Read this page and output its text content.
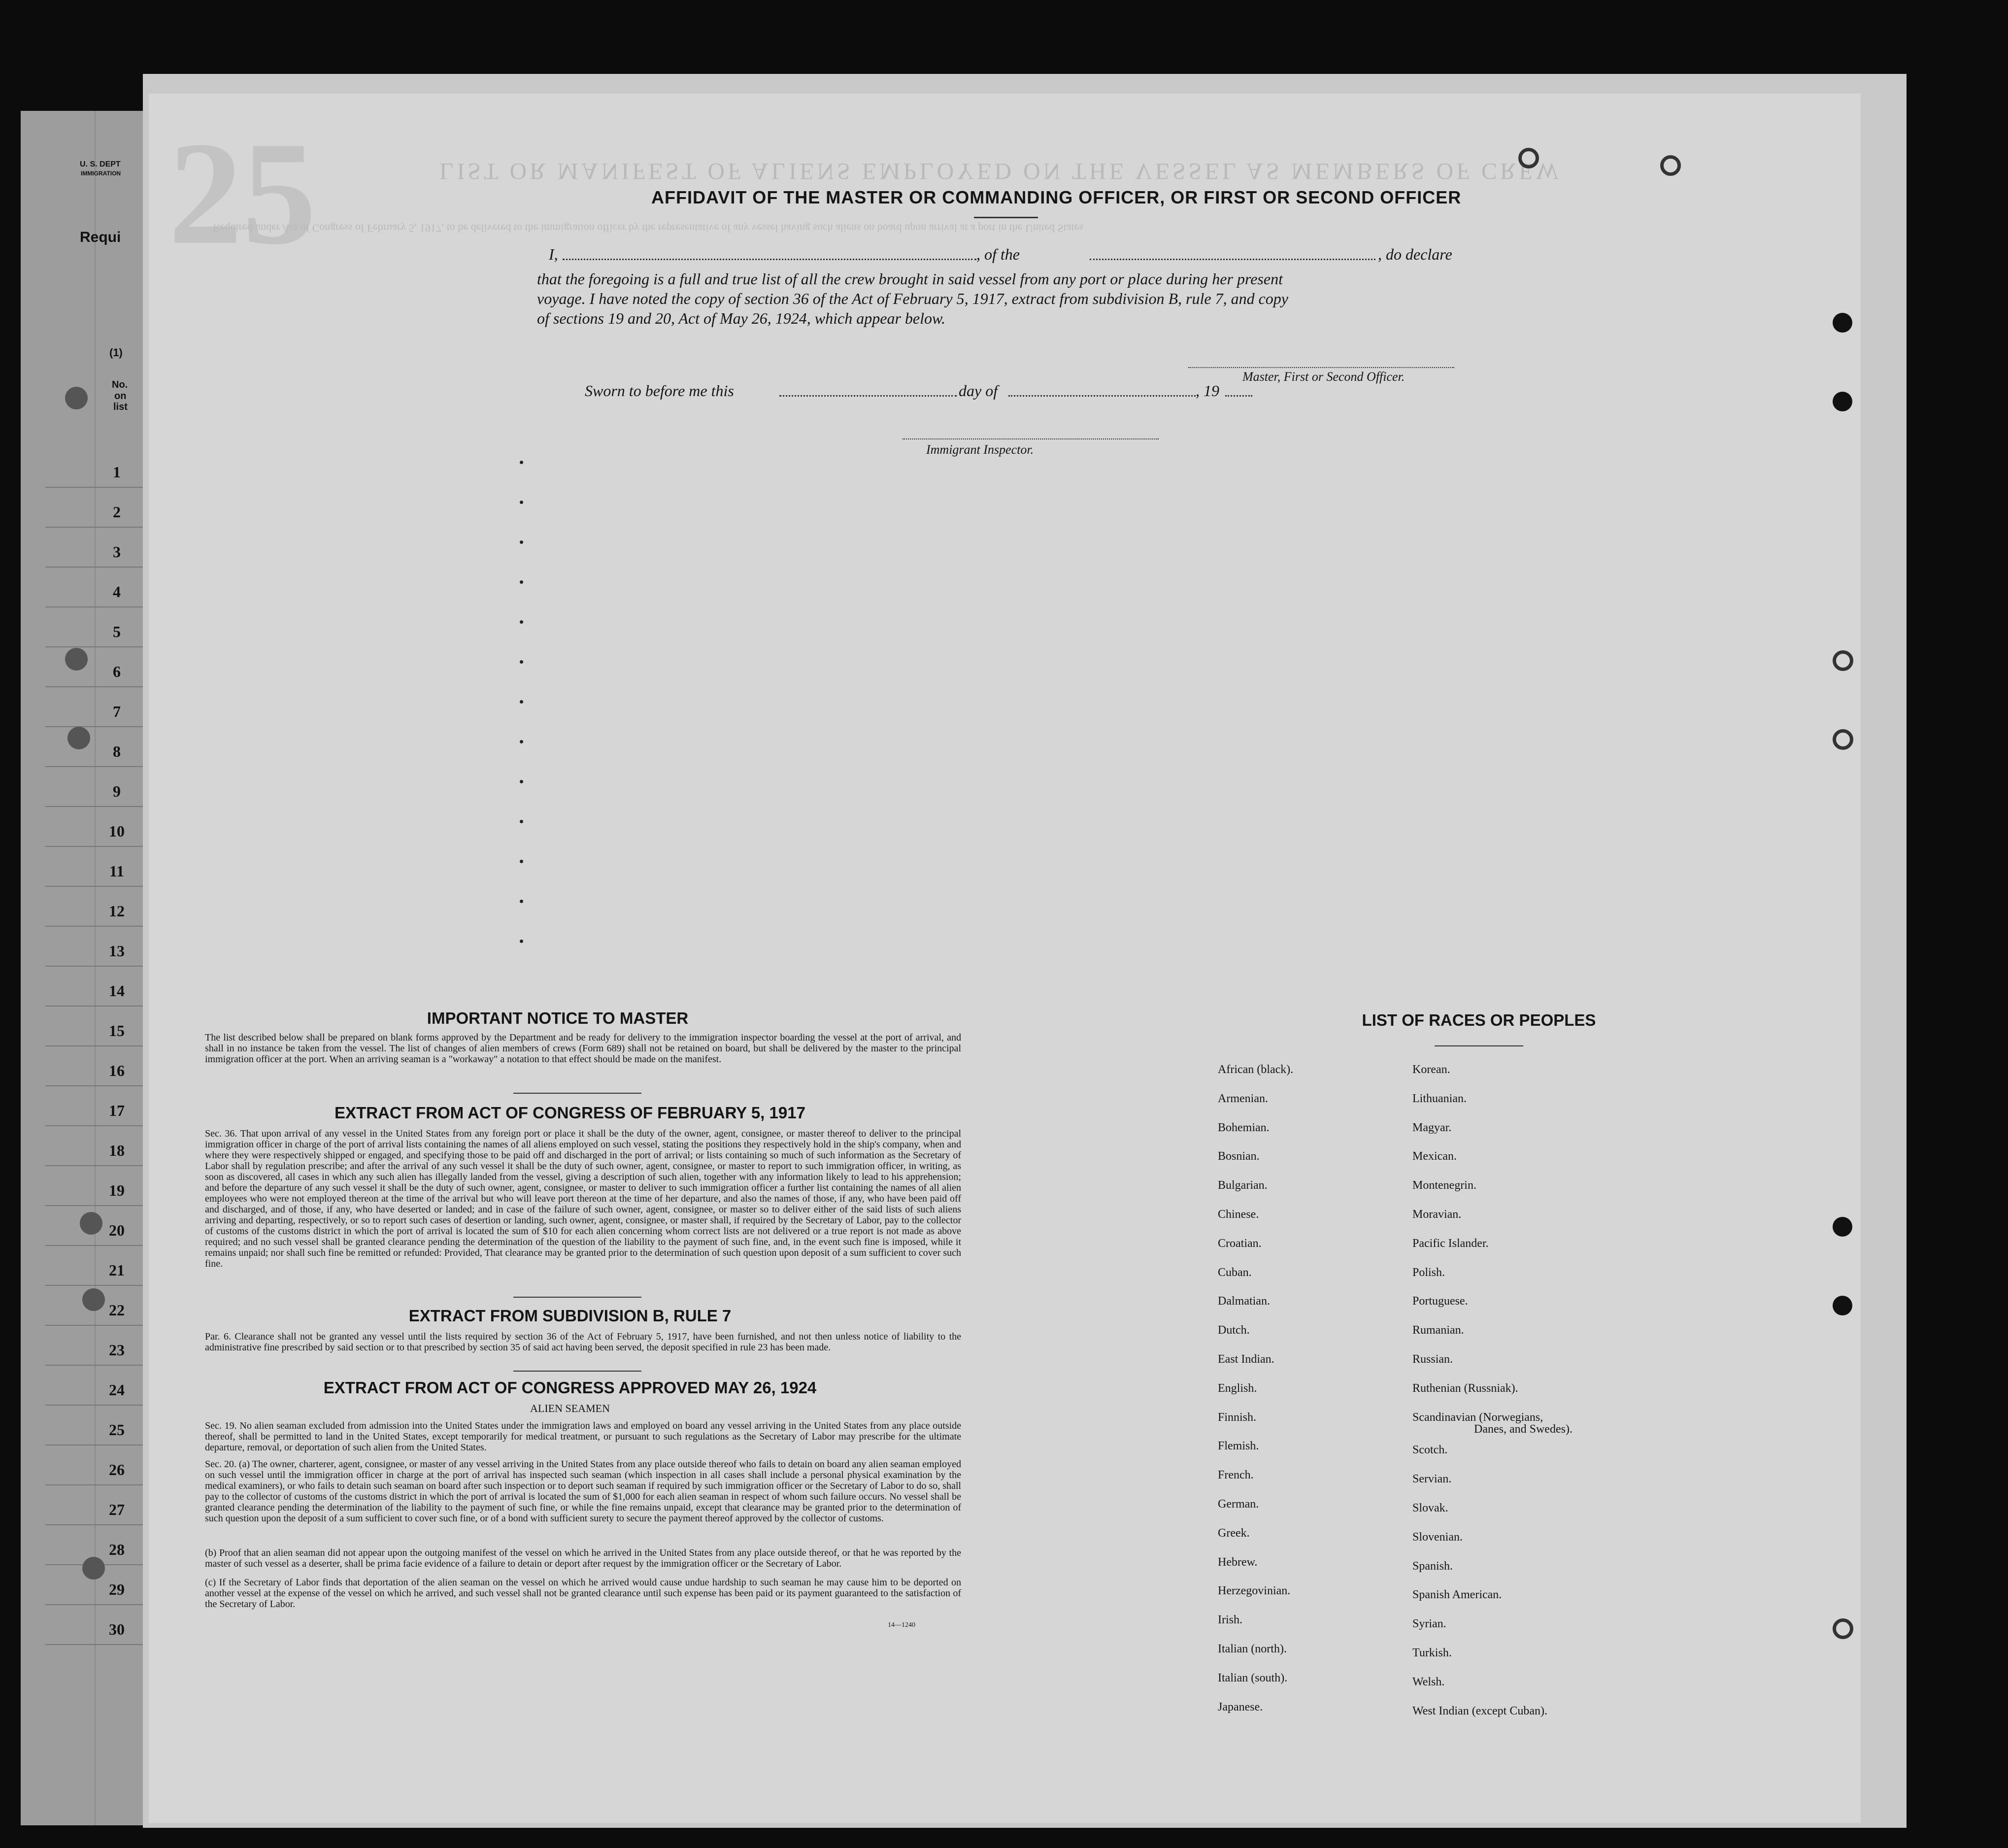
U. S. DEPT
IMMIGRATION
Requi
(1)
No.
on
list
1
2
3
4
5
6
7
8
9
10
11
12
13
14
15
16
17
18
19
20
21
22
23
24
25
26
27
28
29
30
25	LIST OR MANIFEST OF ALIENS EMPLOYED ON THE VESSEL AS MEMBERS OF CREW
Required under Act of Congress of February 5, 1917, to be delivered to the immigration officer by the representative of any vessel having such aliens on board upon arrival at a port in the United States
AFFIDAVIT OF THE MASTER OR COMMANDING OFFICER, OR FIRST OR SECOND OFFICER
I,	, of the	, do declare
that the foregoing is a full and true list of all the crew brought in said vessel from any port or place during her present
voyage. I have noted the copy of section 36 of the Act of February 5, 1917, extract from subdivision B, rule 7, and copy
of sections 19 and 20, Act of May 26, 1924, which appear below.
Master, First or Second Officer.
Sworn to before me this	day of	, 19
Immigrant Inspector.
IMPORTANT NOTICE TO MASTER
The list described below shall be prepared on blank forms approved by the Department and be ready for delivery to the immigration inspector boarding the vessel at the port of arrival, and shall in no instance be taken from the vessel. The list of changes of alien members of crews (Form 689) shall not be retained on board, but shall be delivered by the master to the principal immigration officer at the port. When an arriving seaman is a "workaway" a notation to that effect should be made on the manifest.
EXTRACT FROM ACT OF CONGRESS OF FEBRUARY 5, 1917
Sec. 36. That upon arrival of any vessel in the United States from any foreign port or place it shall be the duty of the owner, agent, consignee, or master thereof to deliver to the principal immigration officer in charge of the port of arrival lists containing the names of all aliens employed on such vessel, stating the positions they respectively hold in the ship's company, when and where they were respectively shipped or engaged, and specifying those to be paid off and discharged in the port of arrival; or lists containing so much of such information as the Secretary of Labor shall by regulation prescribe; and after the arrival of any such vessel it shall be the duty of such owner, agent, consignee, or master to report to such immigration officer, in writing, as soon as discovered, all cases in which any such alien has illegally landed from the vessel, giving a description of such alien, together with any information likely to lead to his apprehension; and before the departure of any such vessel it shall be the duty of such owner, agent, consignee, or master to deliver to such immigration officer a further list containing the names of all alien employees who were not employed thereon at the time of the arrival but who will leave port thereon at the time of her departure, and also the names of those, if any, who have been paid off and discharged, and of those, if any, who have deserted or landed; and in case of the failure of such owner, agent, consignee, or master so to deliver either of the said lists of such aliens arriving and departing, respectively, or so to report such cases of desertion or landing, such owner, agent, consignee, or master shall, if required by the Secretary of Labor, pay to the collector of customs of the customs district in which the port of arrival is located the sum of $10 for each alien concerning whom correct lists are not delivered or a true report is not made as above required; and no such vessel shall be granted clearance pending the determination of the question of the liability to the payment of such fine, and, in the event such fine is imposed, while it remains unpaid; nor shall such fine be remitted or refunded: Provided, That clearance may be granted prior to the determination of such question upon deposit of a sum sufficient to cover such fine.
EXTRACT FROM SUBDIVISION B, RULE 7
Par. 6. Clearance shall not be granted any vessel until the lists required by section 36 of the Act of February 5, 1917, have been furnished, and not then unless notice of liability to the administrative fine prescribed by said section or to that prescribed by section 35 of said act having been served, the deposit specified in rule 23 has been made.
EXTRACT FROM ACT OF CONGRESS APPROVED MAY 26, 1924
ALIEN SEAMEN
Sec. 19. No alien seaman excluded from admission into the United States under the immigration laws and employed on board any vessel arriving in the United States from any place outside thereof, shall be permitted to land in the United States, except temporarily for medical treatment, or pursuant to such regulations as the Secretary of Labor may prescribe for the ultimate departure, removal, or deportation of such alien from the United States.
Sec. 20. (a) The owner, charterer, agent, consignee, or master of any vessel arriving in the United States from any place outside thereof who fails to detain on board any alien seaman employed on such vessel until the immigration officer in charge at the port of arrival has inspected such seaman (which inspection in all cases shall include a personal physical examination by the medical examiners), or who fails to detain such seaman on board after such inspection or to deport such seaman if required by such immigration officer or the Secretary of Labor to do so, shall pay to the collector of customs of the customs district in which the port of arrival is located the sum of $1,000 for each alien seaman in respect of whom such failure occurs. No vessel shall be granted clearance pending the determination of the liability to the payment of such fine, or while the fine remains unpaid, except that clearance may be granted prior to the determination of such question upon the deposit of a sum sufficient to cover such fine, or of a bond with sufficient surety to secure the payment thereof approved by the collector of customs.
(b) Proof that an alien seaman did not appear upon the outgoing manifest of the vessel on which he arrived in the United States from any place outside thereof, or that he was reported by the master of such vessel as a deserter, shall be prima facie evidence of a failure to detain or deport after request by the immigration officer or the Secretary of Labor.
(c) If the Secretary of Labor finds that deportation of the alien seaman on the vessel on which he arrived would cause undue hardship to such seaman he may cause him to be deported on another vessel at the expense of the vessel on which he arrived, and such vessel shall not be granted clearance until such expense has been paid or its payment guaranteed to the satisfaction of the Secretary of Labor.
14—1240
LIST OF RACES OR PEOPLES
African (black).
Armenian.
Bohemian.
Bosnian.
Bulgarian.
Chinese.
Croatian.
Cuban.
Dalmatian.
Dutch.
East Indian.
English.
Finnish.
Flemish.
French.
German.
Greek.
Hebrew.
Herzegovinian.
Irish.
Italian (north).
Italian (south).
Japanese.
Korean.
Lithuanian.
Magyar.
Mexican.
Montenegrin.
Moravian.
Pacific Islander.
Polish.
Portuguese.
Rumanian.
Russian.
Ruthenian (Russniak).
Scandinavian (Norwegians,
Scotch.
Servian.
Slovak.
Slovenian.
Spanish.
Spanish American.
Syrian.
Turkish.
Welsh.
West Indian (except Cuban).
Danes, and Swedes).
